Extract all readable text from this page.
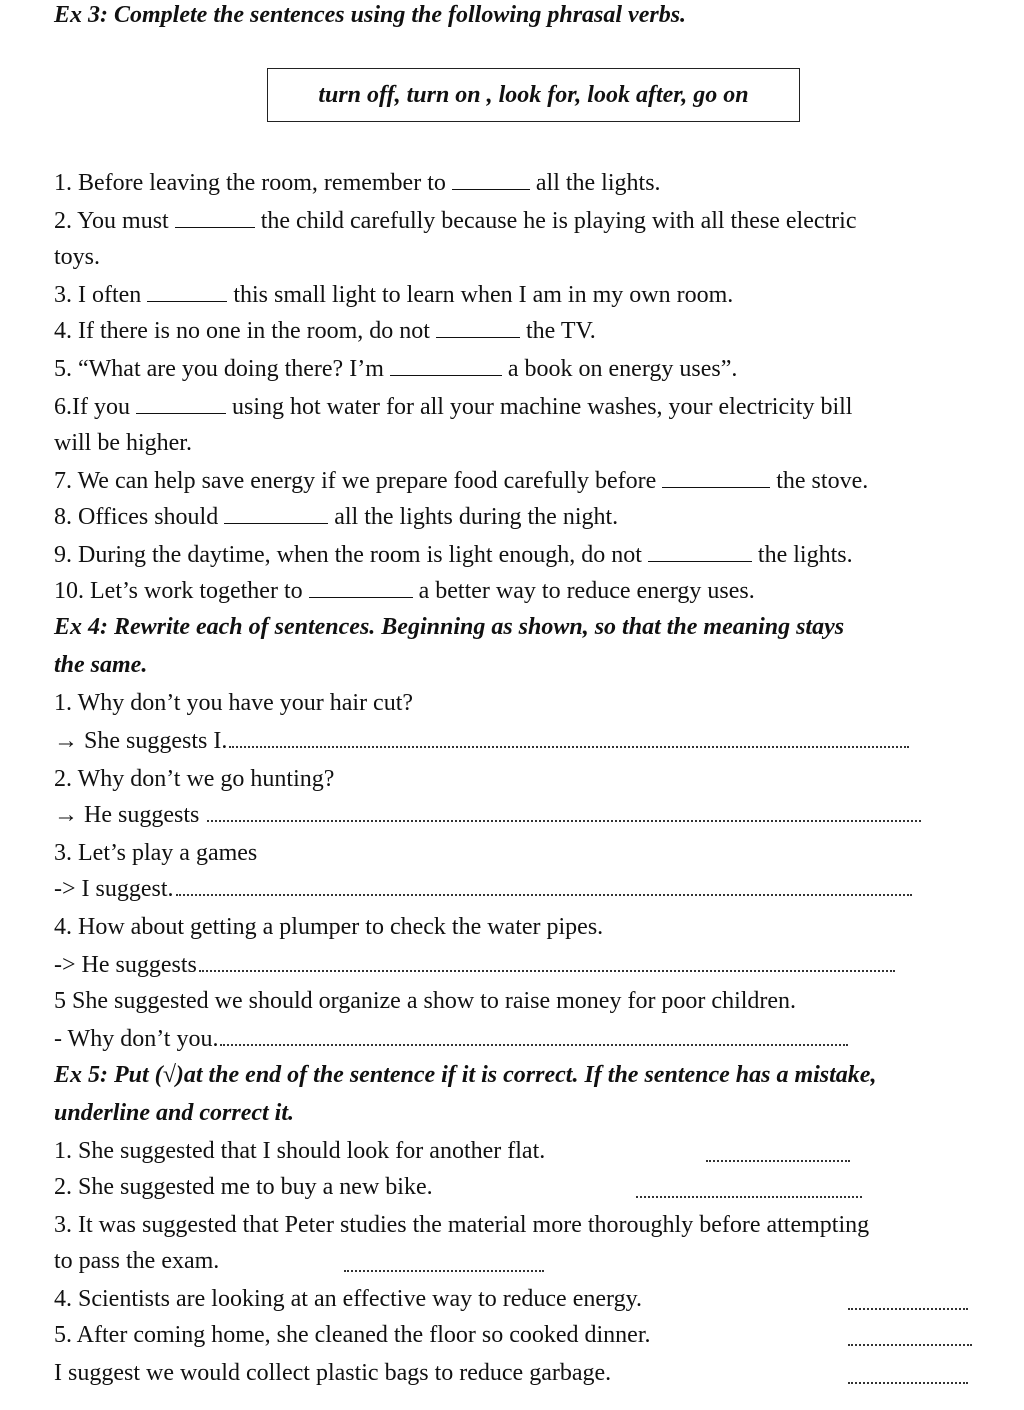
Ex 3: Complete the sentences using the following phrasal verbs.
turn off, turn on , look for, look after, go on
1. Before leaving the room, remember to	all the lights.
2. You must	the child carefully because he is playing with all these electric
toys.
3. I often	this small light to learn when I am in my own room.
4. If there is no one in the room, do not	the TV.
5. “What are you doing there? I’m	a book on energy uses”.
6.If you	using hot water for all your machine washes, your electricity bill
will be higher.
7. We can help save energy if we prepare food carefully before	the stove.
8. Offices should	all the lights during the night.
9. During the daytime, when the room is light enough, do not	the lights.
10. Let’s work together to	a better way to reduce energy uses.
Ex 4: Rewrite each of sentences. Beginning as shown, so that the meaning stays
the same.
1. Why don’t you have your hair cut?
→ She suggests I.
2. Why don’t we go hunting?
→ He suggests
3. Let’s play a games
-> I suggest.
4. How about getting a plumper to check the water pipes.
-> He suggests
5 She suggested we should organize a show to raise money for poor children.
- Why don’t you.
Ex 5: Put (√)at the end of the sentence if it is correct. If the sentence has a mistake,
underline and correct it.
1. She suggested that I should look for another flat.
2. She suggested me to buy a new bike.
3. It was suggested that Peter studies the material more thoroughly before attempting
to pass the exam.
4. Scientists are looking at an effective way to reduce energy.
5. After coming home, she cleaned the floor so cooked dinner.
I suggest we would collect plastic bags to reduce garbage.
